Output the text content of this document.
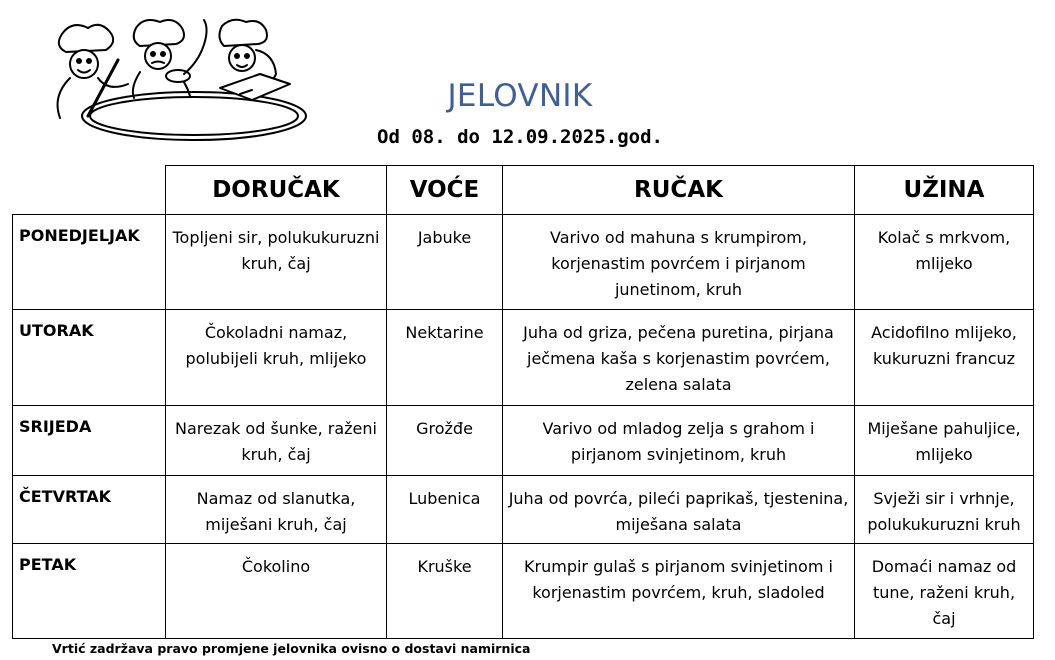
JELOVNIK
Od 08. do 12.09.2025.god.
	DORUČAK	VOĆE	RUČAK	UŽINA
PONEDJELJAK	Topljeni sir, polukukuruzni kruh, čaj	Jabuke	Varivo od mahuna s krumpirom, korjenastim povrćem i pirjanom junetinom, kruh	Kolač s mrkvom, mlijeko
UTORAK	Čokoladni namaz, polubijeli kruh, mlijeko	Nektarine	Juha od griza, pečena puretina, pirjana ječmena kaša s korjenastim povrćem, zelena salata	Acidofilno mlijeko, kukuruzni francuz
SRIJEDA	Narezak od šunke, raženi kruh, čaj	Grožđe	Varivo od mladog zelja s grahom i pirjanom svinjetinom, kruh	Miješane pahuljice, mlijeko
ČETVRTAK	Namaz od slanutka, miješani kruh, čaj	Lubenica	Juha od povrća, pileći paprikaš, tjestenina, miješana salata	Svježi sir i vrhnje, polukukuruzni kruh
PETAK	Čokolino	Kruške	Krumpir gulaš s pirjanom svinjetinom i korjenastim povrćem, kruh, sladoled	Domaći namaz od tune, raženi kruh, čaj
Vrtić zadržava pravo promjene jelovnika ovisno o dostavi namirnica
